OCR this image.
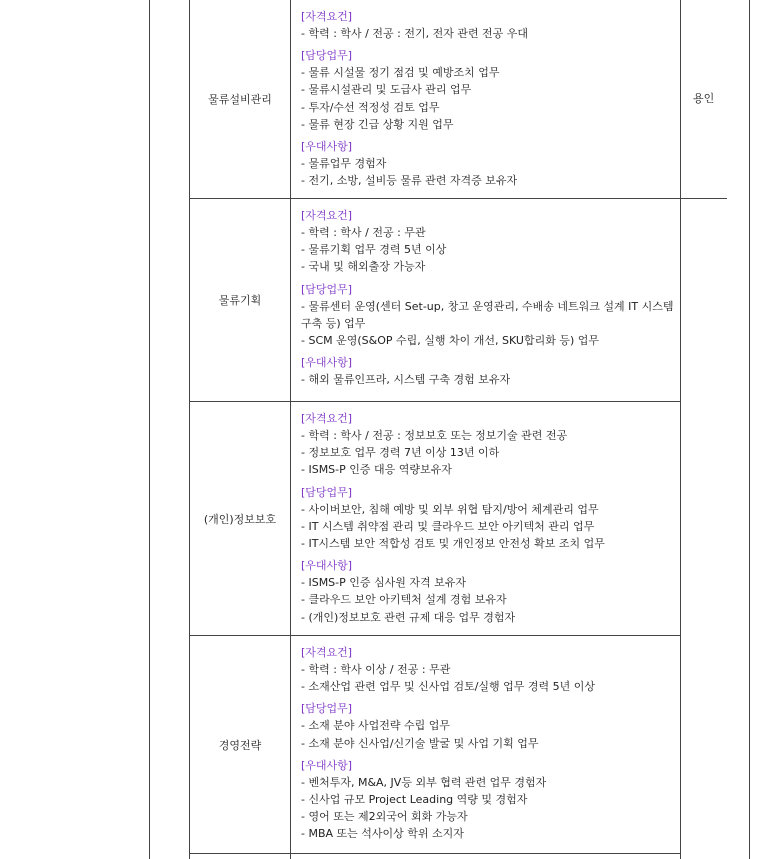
물류설비관리
[자격요건]
- 학력 : 학사 / 전공 : 전기, 전자 관련 전공 우대
[담당업무]
- 물류 시설물 정기 점검 및 예방조치 업무
- 물류시설관리 및 도급사 관리 업무
- 투자/수선 적정성 검토 업무
- 물류 현장 긴급 상황 지원 업무
[우대사항]
- 물류업무 경험자
- 전기, 소방, 설비등 물류 관련 자격증 보유자
용인
물류기획
[자격요건]
- 학력 : 학사 / 전공 : 무관
- 물류기획 업무 경력 5년 이상
- 국내 및 해외출장 가능자
[담당업무]
- 물류센터 운영(센터 Set-up, 창고 운영관리, 수배송 네트워크 설계 IT 시스템 구축 등) 업무
- SCM 운영(S&OP 수립, 실행 차이 개선, SKU합리화 등) 업무
[우대사항]
- 해외 물류인프라, 시스템 구축 경험 보유자
(개인)정보보호
[자격요건]
- 학력 : 학사 / 전공 : 정보보호 또는 정보기술 관련 전공
- 정보보호 업무 경력 7년 이상 13년 이하
- ISMS-P 인증 대응 역량보유자
[담당업무]
- 사이버보안, 침해 예방 및 외부 위협 탐지/방어 체계관리 업무
- IT 시스템 취약점 관리 및 클라우드 보안 아키텍처 관리 업무
- IT시스템 보안 적합성 검토 및 개인정보 안전성 확보 조치 업무
[우대사항]
- ISMS-P 인증 심사원 자격 보유자
- 클라우드 보안 아키텍처 설계 경험 보유자
- (개인)정보보호 관련 규제 대응 업무 경험자
경영전략
[자격요건]
- 학력 : 학사 이상 / 전공 : 무관
- 소재산업 관련 업무 및 신사업 검토/실행 업무 경력 5년 이상
[담당업무]
- 소재 분야 사업전략 수립 업무
- 소재 분야 신사업/신기술 발굴 및 사업 기획 업무
[우대사항]
- 벤처투자, M&A, JV등 외부 협력 관련 업무 경험자
- 신사업 규모 Project Leading 역량 및 경험자
- 영어 또는 제2외국어 회화 가능자
- MBA 또는 석사이상 학위 소지자
